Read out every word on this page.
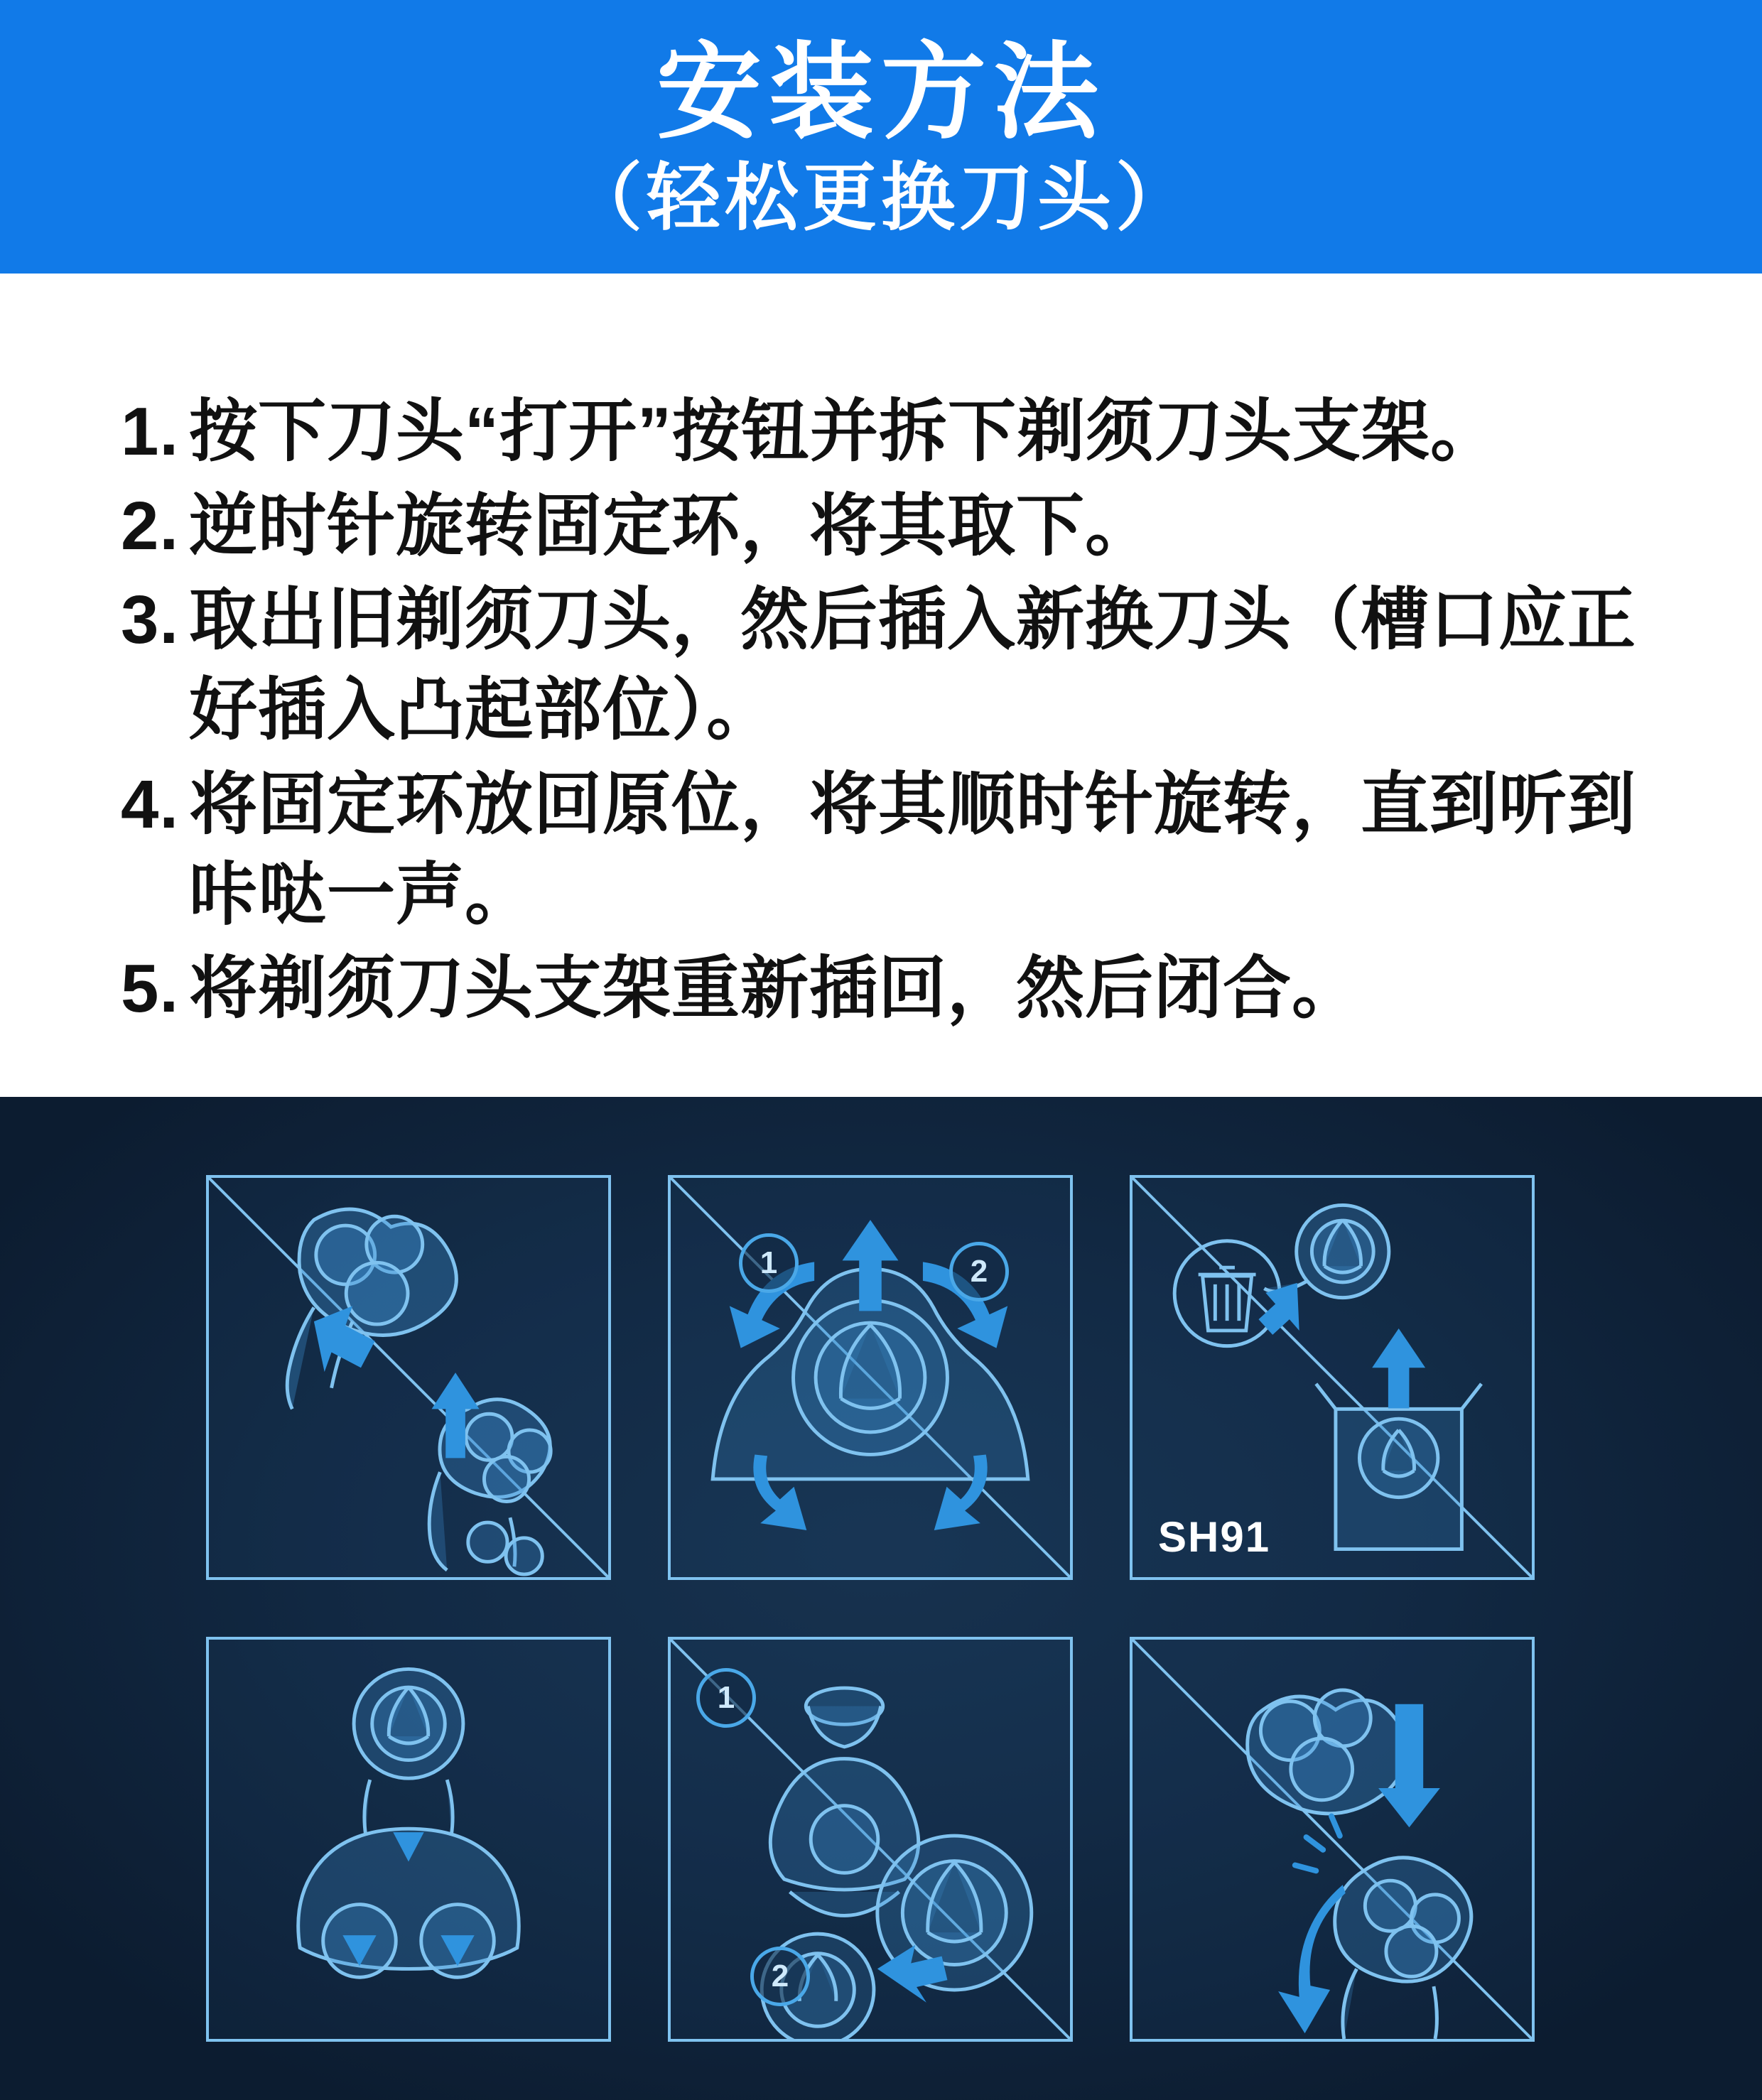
安装方法
（轻松更换刀头）
1. 按下刀头“打开”按钮并拆下剃须刀头支架。
2. 逆时针旋转固定环，将其取下。
3. 取出旧剃须刀头，然后插入新换刀头（槽口应正好插入凸起部位）。
4. 将固定环放回原位，将其顺时针旋转，直到听到咔哒一声。
5. 将剃须刀头支架重新插回，然后闭合。
1	2
SH91
1
2
